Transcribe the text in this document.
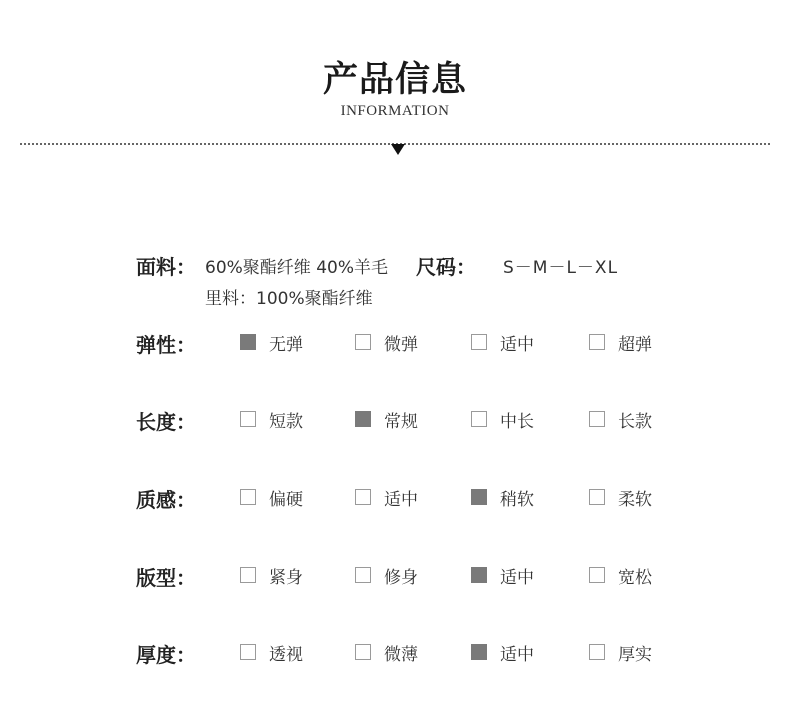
产品信息
INFORMATION
面料： 60%聚酯纤维 40%羊毛 尺码： S－M－L－XL
里料：100%聚酯纤维
弹性：	无弹	微弹	适中	超弹
长度：	短款	常规	中长	长款
质感：	偏硬	适中	稍软	柔软
版型：	紧身	修身	适中	宽松
厚度：	透视	微薄	适中	厚实
